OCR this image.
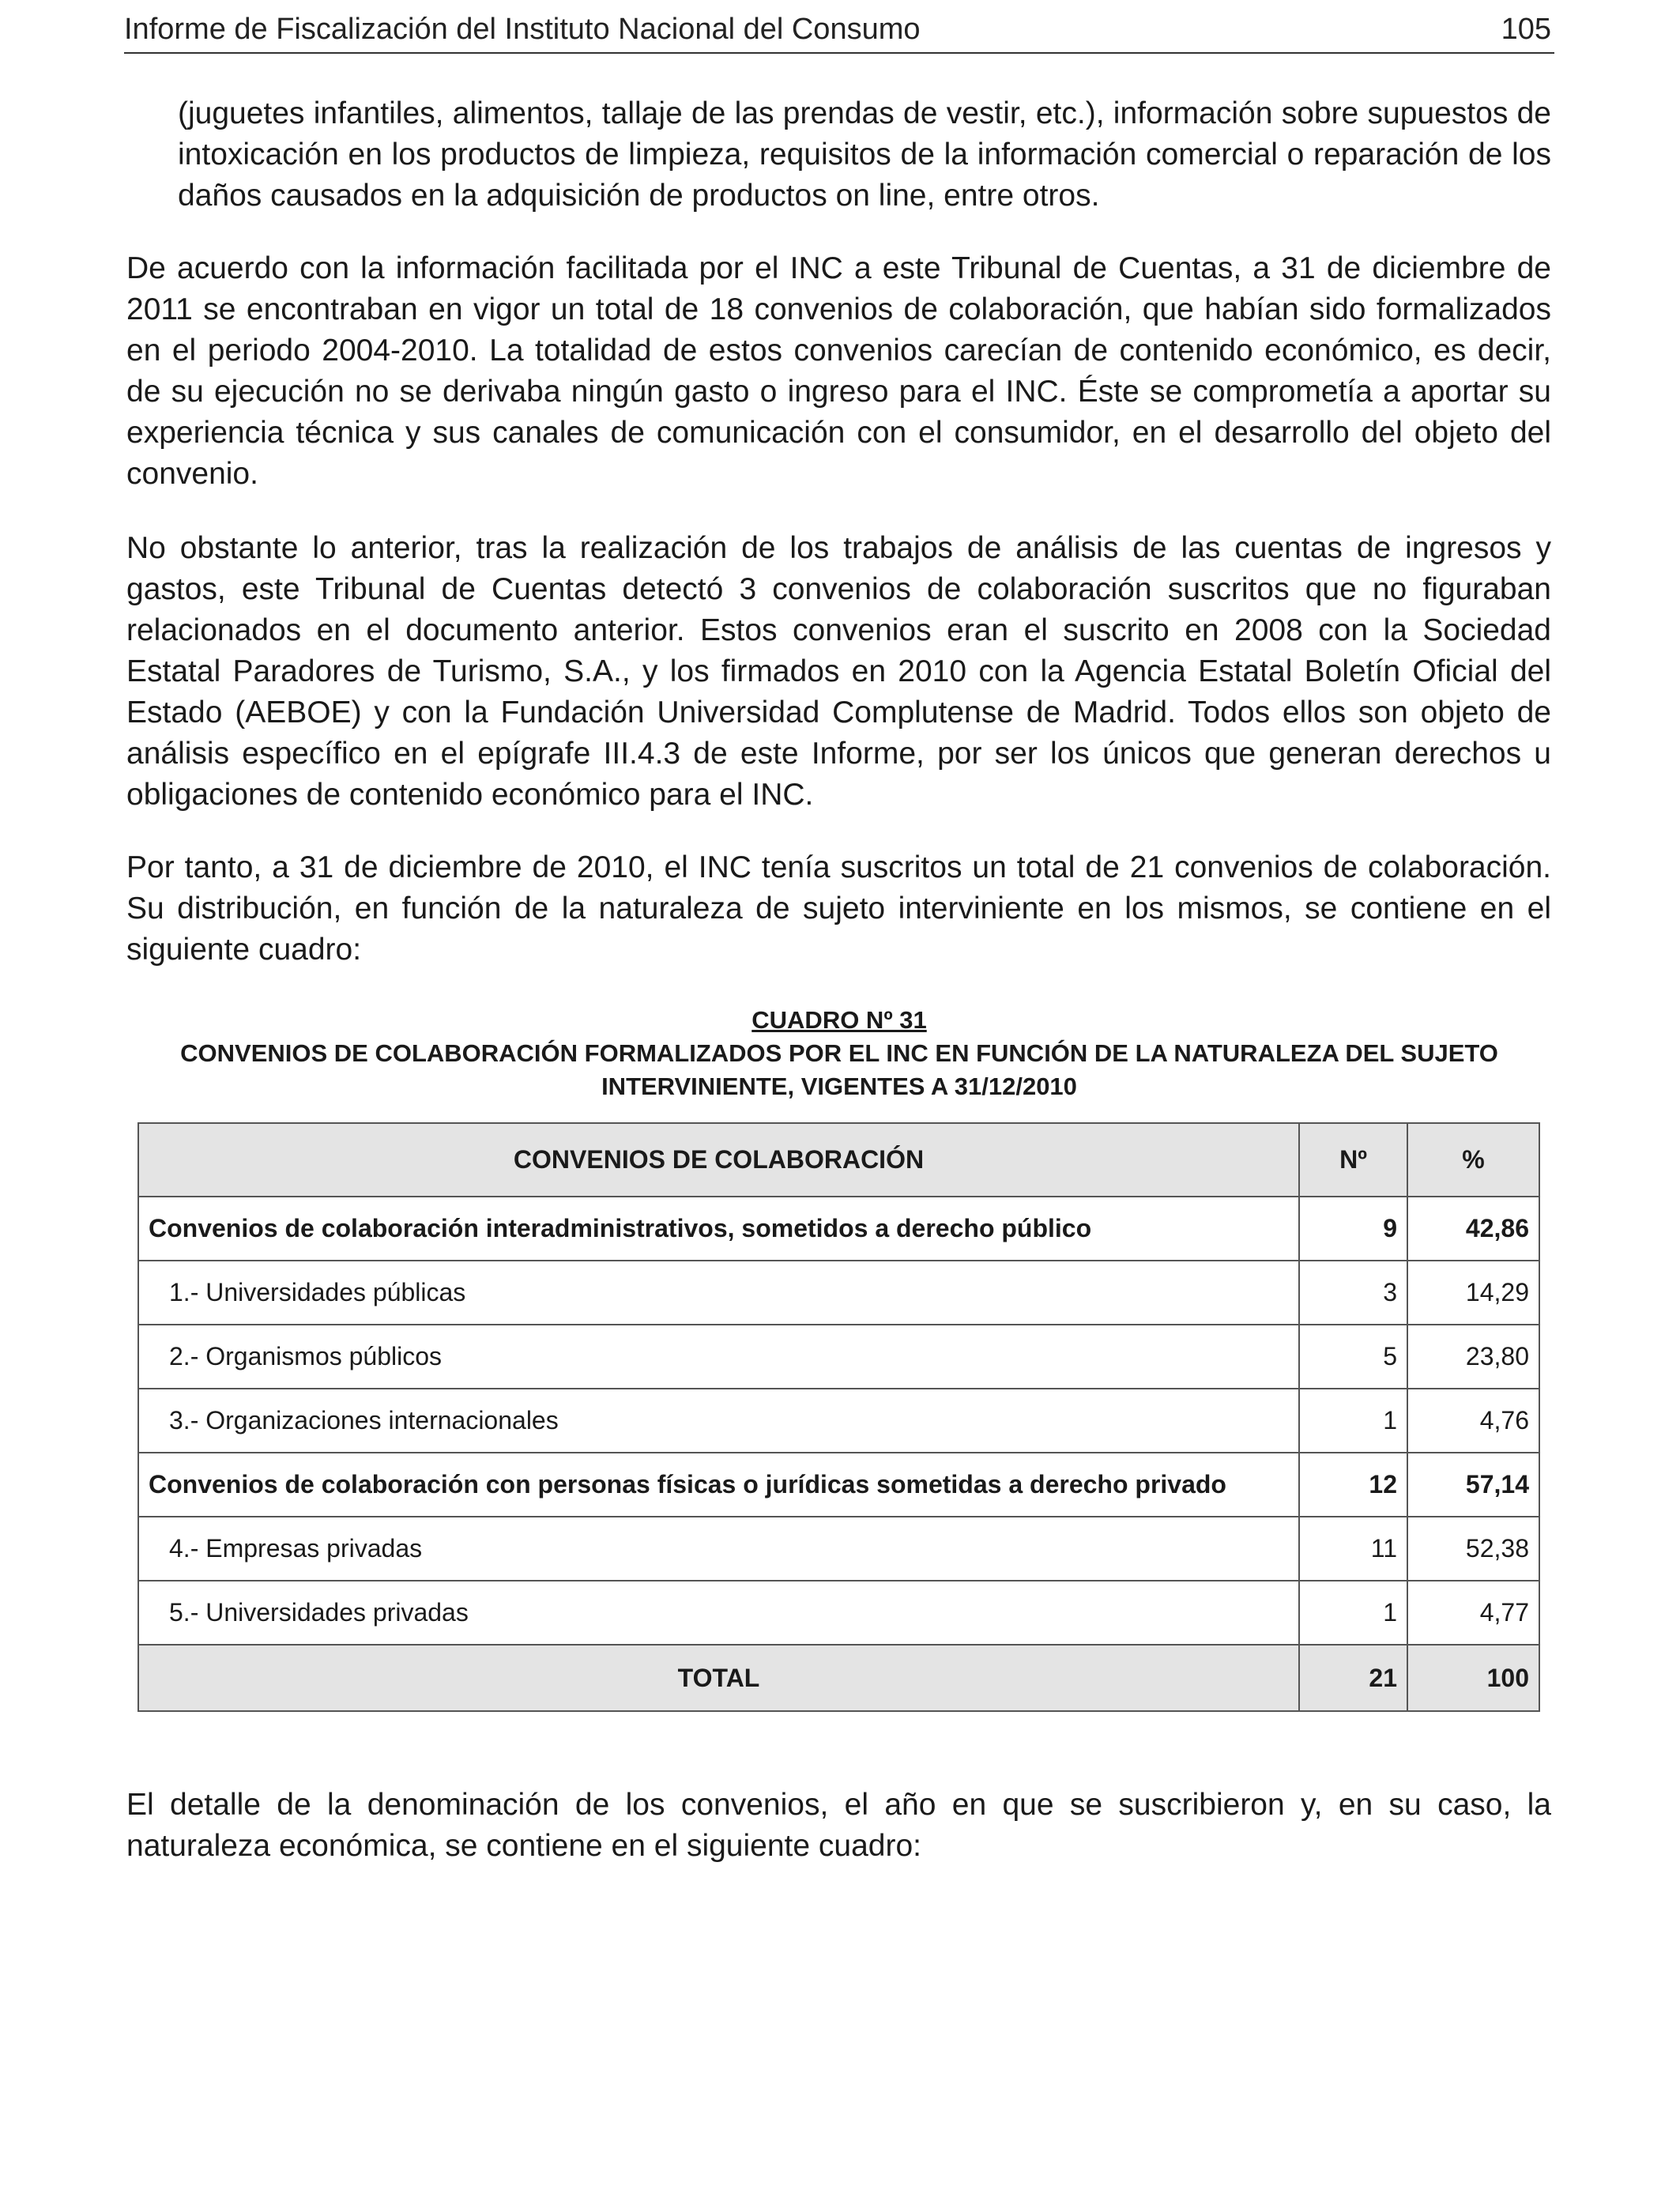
Informe de Fiscalización del Instituto Nacional del Consumo	105

(juguetes infantiles, alimentos, tallaje de las prendas de vestir, etc.), información sobre supuestos de intoxicación en los productos de limpieza, requisitos de la información comercial o reparación de los daños causados en la adquisición de productos on line, entre otros.

De acuerdo con la información facilitada por el INC a este Tribunal de Cuentas, a 31 de diciembre de 2011 se encontraban en vigor un total de 18 convenios de colaboración, que habían sido formalizados en el periodo 2004-2010. La totalidad de estos convenios carecían de contenido económico, es decir, de su ejecución no se derivaba ningún gasto o ingreso para el INC. Éste se comprometía a aportar su experiencia técnica y sus canales de comunicación con el consumidor, en el desarrollo del objeto del convenio.

No obstante lo anterior, tras la realización de los trabajos de análisis de las cuentas de ingresos y gastos, este Tribunal de Cuentas detectó 3 convenios de colaboración suscritos que no figuraban relacionados en el documento anterior. Estos convenios eran el suscrito en 2008 con la Sociedad Estatal Paradores de Turismo, S.A., y los firmados en 2010 con la Agencia Estatal Boletín Oficial del Estado (AEBOE) y con la Fundación Universidad Complutense de Madrid. Todos ellos son objeto de análisis específico en el epígrafe III.4.3 de este Informe, por ser los únicos que generan derechos u obligaciones de contenido económico para el INC.

Por tanto, a 31 de diciembre de 2010, el INC tenía suscritos un total de 21 convenios de colaboración. Su distribución, en función de la naturaleza de sujeto interviniente en los mismos, se contiene en el siguiente cuadro:

CUADRO Nº 31
CONVENIOS DE COLABORACIÓN FORMALIZADOS POR EL INC EN FUNCIÓN DE LA NATURALEZA DEL SUJETO INTERVINIENTE, VIGENTES A 31/12/2010
CONVENIOS DE COLABORACIÓN	Nº	%
Convenios de colaboración interadministrativos, sometidos a derecho público	9	42,86
1.- Universidades públicas	3	14,29
2.- Organismos públicos	5	23,80
3.- Organizaciones internacionales	1	4,76
Convenios de colaboración con personas físicas o jurídicas sometidas a derecho privado	12	57,14
4.- Empresas privadas	11	52,38
5.- Universidades privadas	1	4,77
TOTAL	21	100

El detalle de la denominación de los convenios, el año en que se suscribieron y, en su caso, la naturaleza económica, se contiene en el siguiente cuadro:
